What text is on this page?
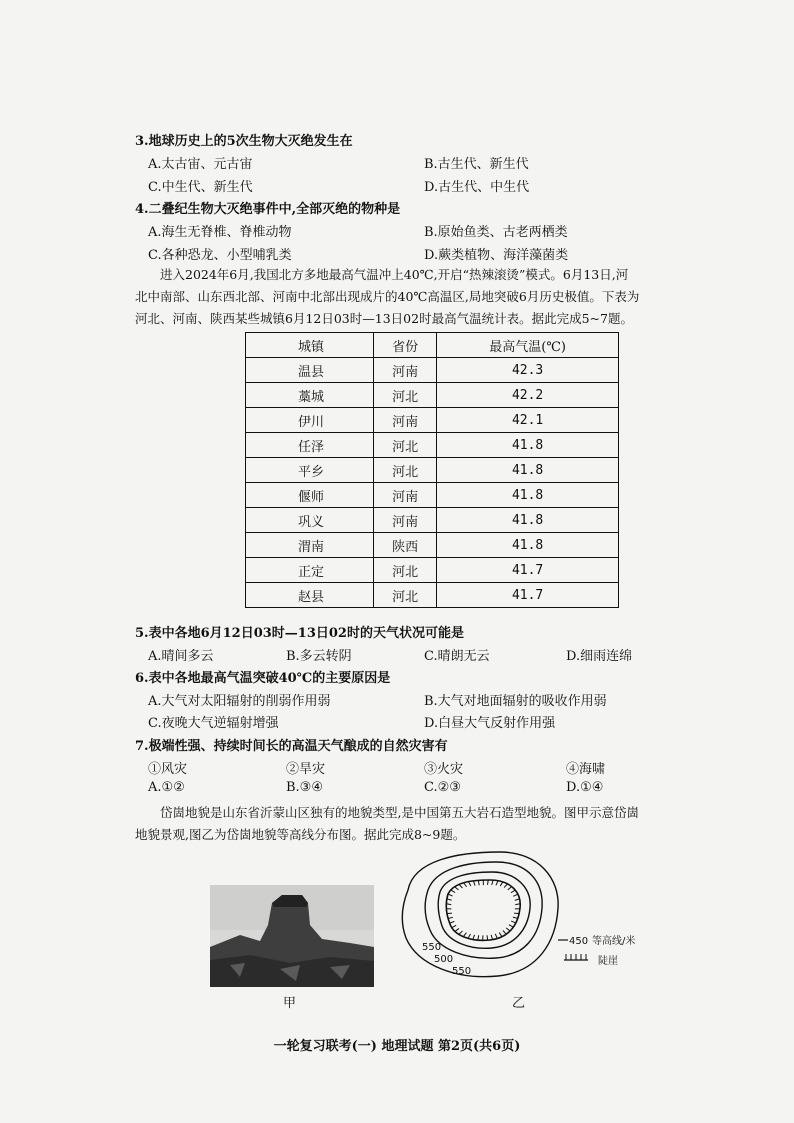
3.地球历史上的5次生物大灭绝发生在
A.太古宙、元古宙	B.古生代、新生代
C.中生代、新生代	D.古生代、中生代
4.二叠纪生物大灭绝事件中,全部灭绝的物种是
A.海生无脊椎、脊椎动物	B.原始鱼类、古老两栖类
C.各种恐龙、小型哺乳类	D.蕨类植物、海洋藻菌类
进入2024年6月,我国北方多地最高气温冲上40℃,开启“热辣滚烫”模式。6月13日,河
北中南部、山东西北部、河南中北部出现成片的40℃高温区,局地突破6月历史极值。下表为
河北、河南、陕西某些城镇6月12日03时—13日02时最高气温统计表。据此完成5~7题。
城镇	省份	最高气温(℃)
温县	河南	42.3
藁城	河北	42.2
伊川	河南	42.1
任泽	河北	41.8
平乡	河北	41.8
偃师	河南	41.8
巩义	河南	41.8
渭南	陕西	41.8
正定	河北	41.7
赵县	河北	41.7
5.表中各地6月12日03时—13日02时的天气状况可能是
A.晴间多云	B.多云转阴	C.晴朗无云	D.细雨连绵
6.表中各地最高气温突破40℃的主要原因是
A.大气对太阳辐射的削弱作用弱	B.大气对地面辐射的吸收作用弱
C.夜晚大气逆辐射增强	D.白昼大气反射作用强
7.极端性强、持续时间长的高温天气酿成的自然灾害有
①风灾	②旱灾	③火灾	④海啸
A.①②	B.③④	C.②③	D.①④
岱崮地貌是山东省沂蒙山区独有的地貌类型,是中国第五大岩石造型地貌。图甲示意岱崮
地貌景观,图乙为岱崮地貌等高线分布图。据此完成8~9题。
甲
550
500
550
450 等高线/米
陡崖
乙
一轮复习联考(一) 地理试题 第2页(共6页)
